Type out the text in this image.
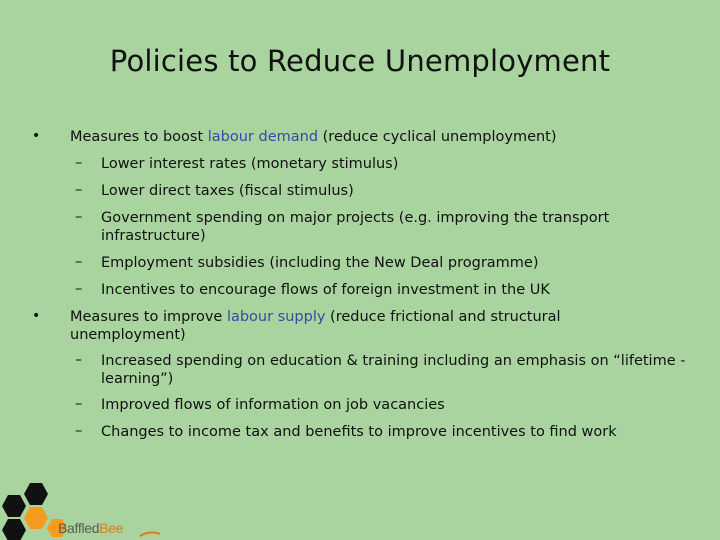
Policies to Reduce Unemployment
• Measures to boost labour demand (reduce cyclical unemployment)
– Lower interest rates (monetary stimulus)
– Lower direct taxes (fiscal stimulus)
– Government spending on major projects (e.g. improving the transport infrastructure)
– Employment subsidies (including the New Deal programme)
– Incentives to encourage flows of foreign investment in the UK
• Measures to improve labour supply (reduce frictional and structural unemployment)
– Increased spending on education & training including an emphasis on “lifetime -learning”)
– Improved flows of information on job vacancies
– Changes to income tax and benefits to improve incentives to find work
BaffledBee
